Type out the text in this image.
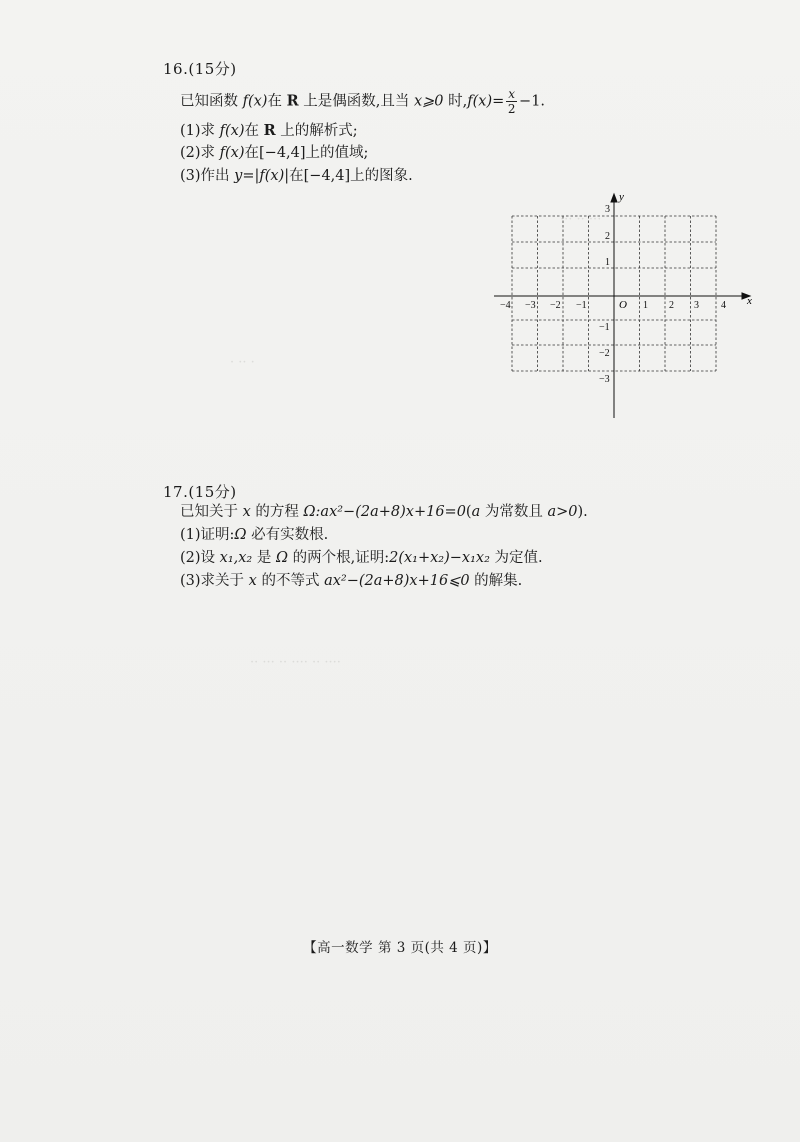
16.(15分)
已知函数 f(x)在 R 上是偶函数,且当 x⩾0 时$,f(x)= \frac{x}{2} -1$.
(1)求 f(x)在 R 上的解析式;
(2)求 f(x)在[−4,4]上的值域;
(3)作出 y=|f(x)|在[−4,4]上的图象.
··· ·· ···
· ·· ·
x
y
O
−4 −3 −2 −1	1 2 3 4
3
2
1
−1
−2
−3
17.(15分)
已知关于 x 的方程 Ω:ax²−(2a+8)x+16=0(a 为常数且 a>0).
(1)证明:Ω 必有实数根.
(2)设 x₁,x₂ 是 Ω 的两个根,证明:2(x₁+x₂)−x₁x₂ 为定值.
(3)求关于 x 的不等式 ax²−(2a+8)x+16⩽0 的解集.
·· ··· ·· ···· ·· ····
【高一数学 第 3 页(共 4 页)】
